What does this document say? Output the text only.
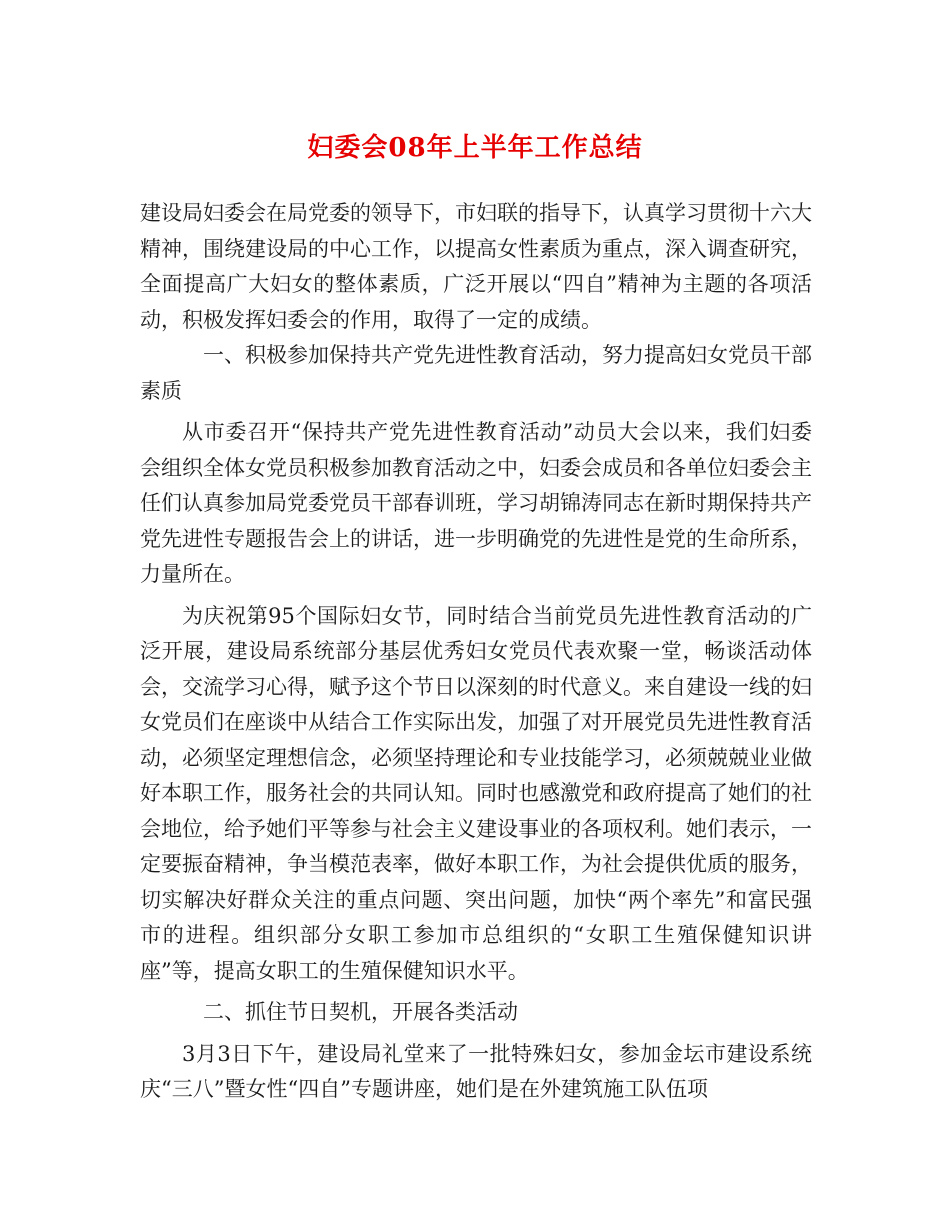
妇委会08年上半年工作总结

建设局妇委会在局党委的领导下，市妇联的指导下，认真学习贯彻十六大精神，围绕建设局的中心工作，以提高女性素质为重点，深入调查研究，全面提高广大妇女的整体素质，广泛开展以“四自”精神为主题的各项活动，积极发挥妇委会的作用，取得了一定的成绩。

一、积极参加保持共产党先进性教育活动，努力提高妇女党员干部素质

从市委召开“保持共产党先进性教育活动”动员大会以来，我们妇委会组织全体女党员积极参加教育活动之中，妇委会成员和各单位妇委会主任们认真参加局党委党员干部春训班，学习胡锦涛同志在新时期保持共产党先进性专题报告会上的讲话，进一步明确党的先进性是党的生命所系，力量所在。

为庆祝第95个国际妇女节，同时结合当前党员先进性教育活动的广泛开展，建设局系统部分基层优秀妇女党员代表欢聚一堂，畅谈活动体会，交流学习心得，赋予这个节日以深刻的时代意义。来自建设一线的妇女党员们在座谈中从结合工作实际出发，加强了对开展党员先进性教育活动，必须坚定理想信念，必须坚持理论和专业技能学习，必须兢兢业业做好本职工作，服务社会的共同认知。同时也感激党和政府提高了她们的社会地位，给予她们平等参与社会主义建设事业的各项权利。她们表示，一定要振奋精神，争当模范表率，做好本职工作，为社会提供优质的服务，切实解决好群众关注的重点问题、突出问题，加快“两个率先”和富民强市的进程。组织部分女职工参加市总组织的“女职工生殖保健知识讲座”等，提高女职工的生殖保健知识水平。

二、抓住节日契机，开展各类活动

3月3日下午，建设局礼堂来了一批特殊妇女，参加金坛市建设系统庆“三八”暨女性“四自”专题讲座，她们是在外建筑施工队伍项
